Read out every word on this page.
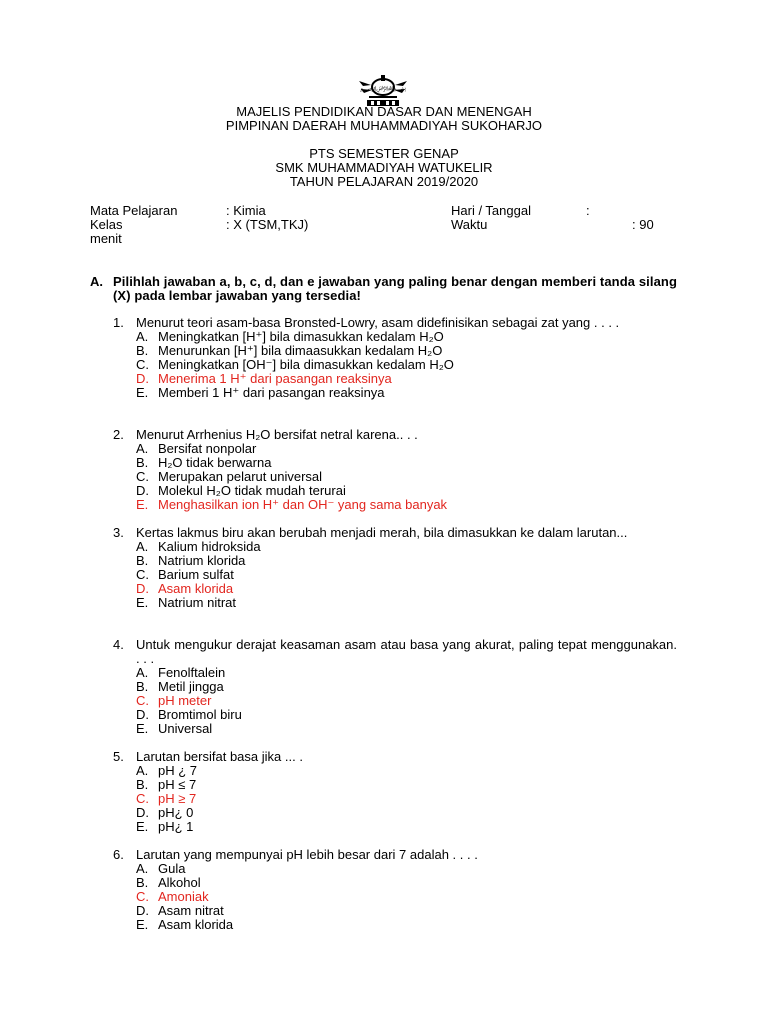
﷽
MAJELIS PENDIDIKAN DASAR DAN MENENGAH
PIMPINAN DAERAH MUHAMMADIYAH SUKOHARJO
PTS SEMESTER GENAP
SMK MUHAMMADIYAH WATUKELIR
TAHUN PELAJARAN 2019/2020
Mata Pelajaran	: Kimia	Hari / Tanggal	:
Kelas	: X (TSM,TKJ)	Waktu	: 90
menit
A. Pilihlah jawaban a, b, c, d, dan e jawaban yang paling benar dengan memberi tanda silang (X) pada lembar jawaban yang tersedia!
1. Menurut teori asam-basa Bronsted-Lowry, asam didefinisikan sebagai zat yang . . . .
A. Meningkatkan [H⁺] bila dimasukkan kedalam H₂O
B. Menurunkan [H⁺] bila dimaasukkan kedalam H₂O
C. Meningkatkan [OH⁻] bila dimasukkan kedalam H₂O
D. Menerima 1 H⁺ dari pasangan reaksinya
E. Memberi 1 H⁺ dari pasangan reaksinya
2. Menurut Arrhenius H₂O bersifat netral karena.. . .
A. Bersifat nonpolar
B. H₂O tidak berwarna
C. Merupakan pelarut universal
D. Molekul H₂O tidak mudah terurai
E. Menghasilkan ion H⁺ dan OH⁻ yang sama banyak
3. Kertas lakmus biru akan berubah menjadi merah, bila dimasukkan ke dalam larutan...
A. Kalium hidroksida
B. Natrium klorida
C. Barium sulfat
D. Asam klorida
E. Natrium nitrat
4. Untuk mengukur derajat keasaman asam atau basa yang akurat, paling tepat menggunakan. . . .
A. Fenolftalein
B. Metil jingga
C. pH meter
D. Bromtimol biru
E. Universal
5. Larutan bersifat basa jika ... .
A. pH ¿ 7
B. pH ≤ 7
C. pH ≥ 7
D. pH¿ 0
E. pH¿ 1
6. Larutan yang mempunyai pH lebih besar dari 7 adalah . . . .
A. Gula
B. Alkohol
C. Amoniak
D. Asam nitrat
E. Asam klorida
